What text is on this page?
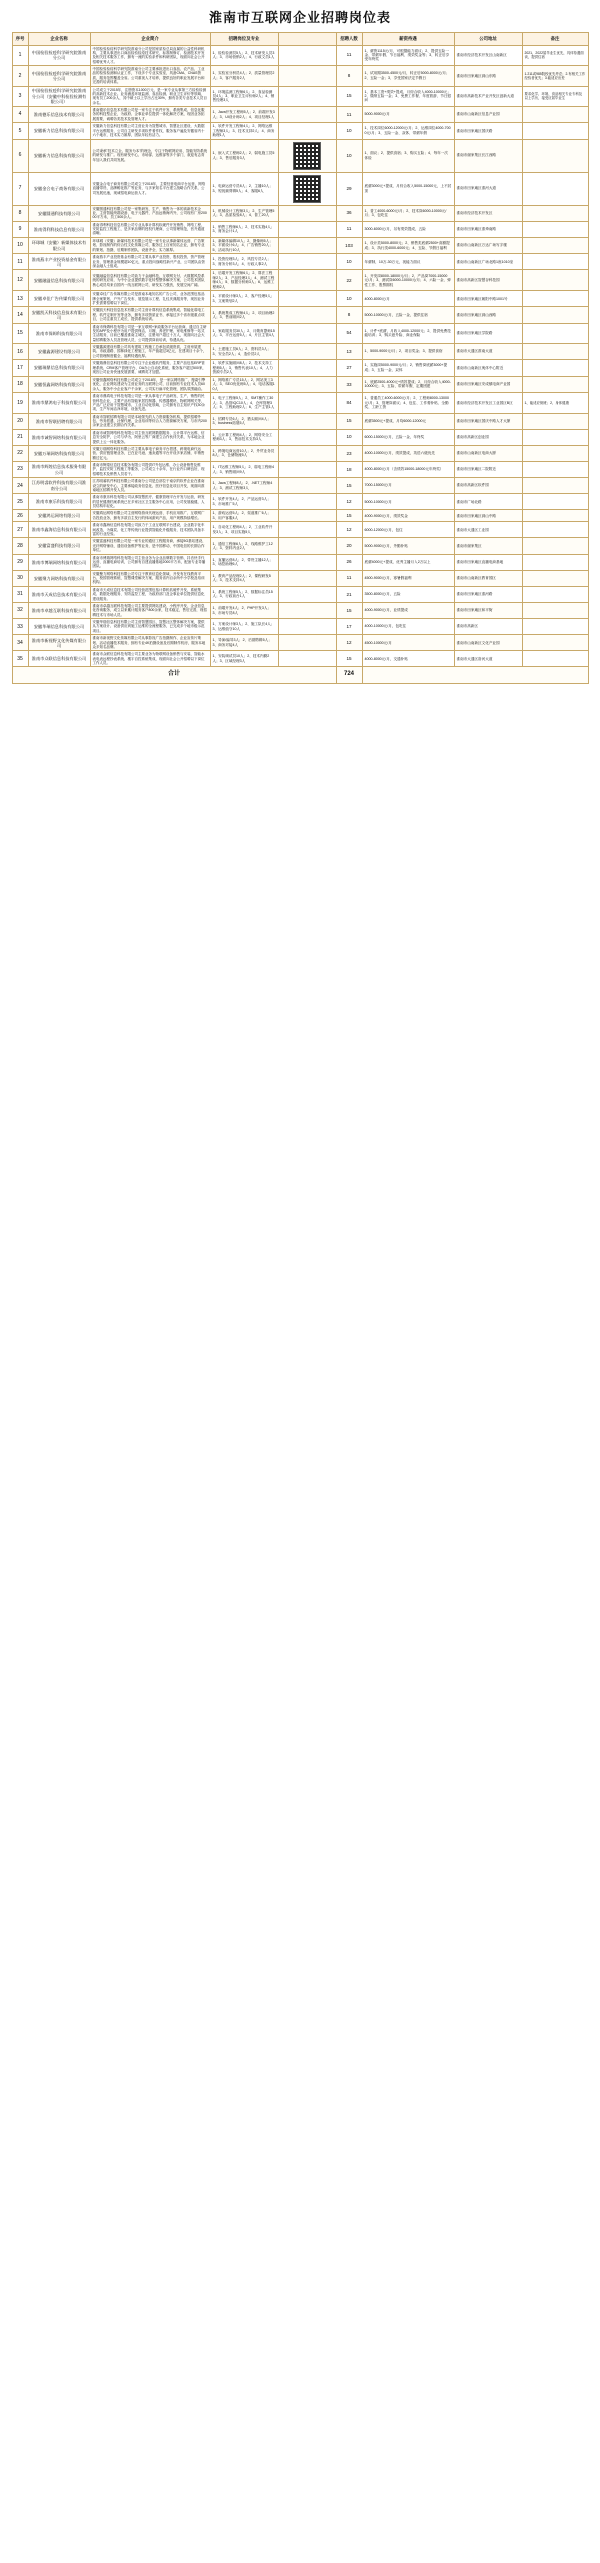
淮南市互联网企业招聘岗位表
序号	企业名称	企业简介	招聘岗位及专业		招聘人数	薪资待遇	公司地址	备注
1	中国检验检疫科学研究院淮南分公司	中国检验检疫科学研究院淮南分公司是国家质检总局直属的公益性科研机构，主要从事进出口商品检验检疫技术研究、标准制修订、检测技术开发及相关技术服务工作，拥有一流的实验条件和科研团队，现面向社会公开招聘优秀人才。	1、检验检测员5人；2、技术研发人员3人；3、市场营销2人；4、行政文员1人		11	1、薪资1115元/月，可根据能力面议；2、提供五险一金、带薪年假、节日福利、绩效奖金等；3、转正后享受年终奖	淮南市经济技术开发区山南新区	2021、2022届毕业生优先，具体待遇面谈，提供住宿
2	中国检验检疫科学研究院淮南分公司	中国检验检疫科学研究院淮南分公司主要承担进出口食品、农产品、工业品的检验检测和认证工作，下设多个专业实验室，具备CMA、CNAS资质，服务范围覆盖全省。公司重视人才培养，提供良好的职业发展平台和完善的培训体系。	1、实验室分析员4人；2、质量管理员2人；3、客户服务2人		8	1、试用期3500-4500元/月，转正后5000-8000元/月；2、五险一金；3、享受国家法定节假日	淮南市田家庵区洞山东路	1.211或985院校优先考虑；2.有相关工作经验者优先；3.能适应出差
3	中国检验检疫科学研究院淮南分公司（安徽中科检验检测有限公司）	公司成立于2015年，注册资本1000万元，是一家专业从事第三方检验检测的高新技术企业。业务涵盖环境监测、食品检测、职业卫生评价等领域，现有员工200余人，其中硕士以上学历占比30%，拥有各类专业技术人员百余名。	1、环境监测工程师6人；2、食品检测员4人；3、职业卫生评价师2人；4、销售经理3人		15	1、基本工资+绩效+提成，月综合收入4000-10000元；2、缴纳五险一金；3、免费工作餐、年度旅游、节日慰问	淮南市高新技术产业开发区创新大道	要求化学、环境、食品相关专业专科及以上学历，接受应届毕业生
4	淮南德乐信息技术有限公司	淮南德乐信息技术有限公司是一家专注于软件开发、系统集成、信息化服务的科技型企业，为政府、企事业单位提供一体化解决方案，现因业务拓展需要，诚聘各类技术及管理人才。	1、Java开发工程师5人；2、前端开发3人；3、UI设计师2人；4、项目经理1人		11	5000-9000元/月	淮南市山南新区信息产业园	
5	安徽新力信息科技有限公司	安徽新力信息科技有限公司主营业务为智慧城市、智慧社区建设，大数据平台运维服务，公司自主研发多项软件著作权，服务客户遍及安徽省内十六个地市，技术实力雄厚，团队年轻有活力。	1、软件开发工程师4人；2、网络运维工程师3人；3、技术支持2人；4、商务助理1人		10	1、技术岗位6000-12000元/月；2、运维岗位4000-7000元/月；3、五险一金、双休、带薪年假	淮南市田家庵区国庆路	
6	安徽新力信息科技有限公司	公司秉承"技术立企、服务为本"的理念，专注于物联网应用、智能安防系统的研发与推广。现有研发中心、市场部、运维部等多个部门，欢迎有志青年加入我们共同发展。	1、嵌入式工程师2人；2、弱电施工员5人；3、售后服务3人		10	1、面议；2、提供食宿；3、购买五险；4、每年一次体检	淮南市谢家集区长江西路	
7	安徽金合电子商务有限公司	安徽金合电子商务有限公司成立于2016年，主要经营电商平台运营、网络直播带货、品牌孵化推广等业务，与多家知名平台建立战略合作关系，公司发展迅速，现诚招电商运营人才。	1、电商运营专员8人；2、主播10人；3、短视频剪辑5人；4、客服6人		29	底薪3000元+提成，月综合收入5000-15000元，上不封顶	淮南市田家庵区淮河大道	
8	安徽圆通科技有限公司	安徽圆通科技有限公司是一家集研发、生产、销售为一体的高新技术企业，主营智能终端设备、电子元器件，产品远销海内外，公司现有厂房20000平方米，员工500余人。	1、机械设计工程师3人；2、生产管理5人；3、品质检验8人；4、普工20人		36	1、普工4000-6000元/月；2、技术岗6000-10000元/月；3、包吃住	淮南市经济技术开发区	
9	淮南得利科技信息有限公司	淮南得利科技信息有限公司专业从事计算机软硬件开发销售、网络工程、安防监控工程施工，是多家品牌的授权代理商，公司管理规范，晋升通道清晰。	1、销售工程师6人；2、技术实施4人；3、财务会计1人		11	3000-6000元/月，另有绩效提成，五险	淮南市田家庵区淮舜南路	
10	环球城（安徽）新媒体技术有限公司	环球城（安徽）新媒体技术有限公司是一家专业从事新媒体运营、广告策划、影视制作的综合性文化传媒公司，服务过上百家知名企业，拥有专业的策划、拍摄、后期制作团队，设备齐全，实力雄厚。	1、新媒体编辑10人；2、摄像师5人；3、平面设计6人；4、广告销售20人；5、活动执行10人		103	1、设计类5000-8000元；2、销售类底薪2500+高额提成；3、执行类4000-6000元；4、五险、节假日福利	淮南市山南新区万达广场写字楼	
11	淮南燕丰产业投资基金有限公司	淮南燕丰产业投资基金有限公司主要从事产业投资、股权投资、资产管理业务，管理基金规模超10亿元，重点投向战略性新兴产业，公司团队由资深金融人士组成。	1、投资经理3人；2、风控专员2人；3、财务分析3人；4、行政人事2人		10	年薪制，10万-30万元，视能力面议	淮南市山南新区广场北路1座1010室	
12	安徽融溢信息科技有限公司	安徽融溢信息科技有限公司致力于金融科技、互联网支付、大数据风控系统的研发应用，为中小企业提供数字化转型整体解决方案，公司技术团队核心成员均来自国内一线互联网公司，研发实力强劲，发展空间广阔。	1、后端开发工程师6人；2、算法工程师2人；3、产品经理3人；4、测试工程师4人；5、数据分析师3人；6、运维工程师2人		22	1、开发岗8000-18000元/月；2、产品岗7000-15000元/月；3、测试岗6000-10000元/月；4、六险一金、弹性工作、股票期权	淮南市高新区智慧谷科技园	
13	安徽卓佳广告传媒有限公司	安徽卓佳广告传媒有限公司是淮南本地知名的广告公司，业务范围包括品牌全案策划、户外广告发布、展览展示工程、礼仪庆典服务等，现因业务扩张需要招聘以下岗位。	1、平面设计师3人；2、客户经理5人；3、文案策划2人		10	4000-8000元/月	淮南市田家庵区朝阳中路1001号	
14	安徽凯天科技信息技术有限公司	安徽凯天科技信息技术有限公司主营计算机信息系统集成、智能化弱电工程、软件定制开发等业务，拥有多项资质证书，承接过多个省市级重点项目，公司注重员工成长，提供系统培训。	1、系统集成工程师4人；2、项目助理2人；3、售前顾问2人		8	5000-10000元/月，五险一金，提供住宿	淮南市田家庵区洞山西路	
15	淮南市保姆科技有限公司	淮南市保姆科技有限公司是一家互联网+家政服务平台运营商，通过自主研发的APP及小程序为用户提供保洁、月嫂、养老护理、家电维修等一站式生活服务，目前已覆盖淮南主城区，注册用户超过十万人，现面向社会大量招聘服务人员及管理人员，公司提供岗前培训，待遇从优。	1、家政服务员30人；2、月嫂育婴师15人；3、平台运营5人；4、片区主管4人		54	1、计件+底薪，月收入4000-12000元；2、提供免费技能培训；3、购买意外险、商业保险	淮南市田家庵区学院路	
16	安徽鑫源建设有限公司	安徽鑫源建设有限公司具有建筑工程施工总承包贰级资质，主营房屋建筑、市政道路、园林绿化工程施工，年产值超过3亿元，在建项目十余个，公司管理制度健全，福利待遇优厚。	1、土建施工员6人；2、资料员3人；3、安全员2人；4、造价员2人		13	1、5000-9000元/月；2、项目奖金；3、提供食宿	淮南市大通区淮南大道	
17	安徽瑞鼎信息科技有限公司	安徽瑞鼎信息科技有限公司专注于企业级软件服务，主要产品包括ERP管理系统、CRM客户管理平台、OA办公自动化系统，服务客户超过500家，现因公司业务快速发展需要，诚聘英才加盟。	1、软件实施顾问8人；2、技术支持工程师5人；3、销售代表10人；4、人力资源专员2人		27	1、实施岗5000-9000元/月；2、销售岗底薪3000+提成；3、五险一金、双休	淮南市山南新区奥体中心附近	
18	安徽恒鑫网络科技有限公司	安徽恒鑫网络科技有限公司成立于2018年，是一家以网络推广、搜索引擎优化、企业网站建设为主营业务的互联网公司，目前拥有专业技术人员60余人，服务中小企业客户千余家，公司实行扁平化管理，团队氛围融洽。	1、网络推广专员15人；2、网站美工3人；3、SEO优化师5人；4、电话客服10人		33	1、底薪2500-4000元+绩效提成；2、月综合收入4000-10000元；3、五险、带薪年假、定期团建	淮南市田家庵区安成镇电商产业园	
19	淮南市鼎鸿电子科技有限公司	淮南市鼎鸿电子科技有限公司是一家从事电子产品研发、生产、销售的民营科技企业，主要产品有智能家居控制器、传感器模块、物联网网关等，产品广泛应用于智慧城市、工业自动化领域，公司拥有自主知识产权30余项，生产车间洁净环境，设备先进。	1、电子工程师5人；2、SMT操作工30人；3、品管IQC10人；4、仓库管理3人；5、工程助理2人；6、生产主管1人		84	1、普通员工4000-6000元/月；2、工程师8000-13000元/月；3、管理岗面议；4、包住、工作餐补贴、全勤奖、工龄工资	淮南市经济技术开发区工业园区B区	1、能适应倒班；2、身体健康
20	淮南市智联招聘有限公司	淮南市智联招聘有限公司是本地领先的人力资源服务机构，提供招聘外包、劳务派遣、社保代理、企业培训等综合人力资源解决方案，与市内200余家企业建立长期合作关系。	1、招聘专员6人；2、猎头顾问4人；3、business拓展5人		15	底薪3500元+提成，月均6000-12000元	淮南市田家庵区国庆中路人才大厦	
21	淮南市诚智网络科技有限公司	淮南市诚智网络科技有限公司主营互联网数据服务、云计算平台运维、信息安全防护，公司与华为、阿里云等厂商建立合作伙伴关系，为本地企业提供上云一体化服务。	1、云计算工程师4人；2、网络安全工程师3人；3、售前技术支持3人		10	6000-15000元/月，五险一金，年终奖	淮南市高新区创业园	
22	安徽万瑞网络科技有限公司	安徽万瑞网络科技有限公司主要从事电子商务平台搭建、跨境电商代运营、供应链管理业务，已在亚马逊、速卖通等平台开设多家店铺，年销售额过亿元。	1、跨境电商运营10人；2、外贸业务员8人；3、仓储物流5人		23	4000-10000元/月，绩效提成，英语六级优先	淮南市山南新区电商大厦	
23	淮南市辉煌信息技术服务有限公司	淮南市辉煌信息技术服务有限公司提供IT外包运维、办公设备销售及维护、监控安防工程施工等服务，公司成立十余年，在行业内口碑良好，现招聘技术及销售人员若干。	1、IT运维工程师5人；2、弱电工程师4人；3、销售顾问9人		18	4000-8000元/月（含绩效15000-18000元年终奖）	淮南市田家庵区二院附近	
24	江苏明睿软件科技有限公司淮南分公司	江苏明睿软件科技有限公司淮南分公司是总部位于南京的软件企业在淮南设立的研发中心，主要承接政务信息化、医疗信息化项目开发，现面向淮南地区招聘开发人员。	1、Java工程师8人；2、.NET工程师4人；3、测试工程师3人		15	7000-15000元/月	淮南市高新区软件园	
25	淮南市康乐科技有限公司	淮南市康乐科技有限公司从事智慧医疗、健康管理平台开发与运营，研发的居民健康档案系统已在多家社区卫生服务中心应用，公司发展稳健，人员结构年轻化。	1、软件开发4人；2、产品运营3人；3、市场推广5人		12	5000-10000元/月	淮南市广场北路	
26	安徽鸿运网络有限公司	安徽鸿运网络有限公司主营网络游戏代理运营、手机应用推广、互联网广告投放业务，拥有多款自主发行的休闲游戏产品，用户规模持续增长。	1、游戏运营5人；2、渠道推广6人；3、用户客服4人		15	4000-9000元/月，绩效奖金	淮南市田家庵区洞山中路	
27	淮南市鑫海信息科技有限公司	淮南市鑫海信息科技有限公司致力于工业互联网平台建设、企业数字化车间改造，为煤炭、化工等传统行业提供智能化升级服务，技术团队具备丰富的行业经验。	1、自动化工程师4人；2、工业软件开发3人；3、项目实施5人		12	6000-12000元/月，包住	淮南市大通区工业园	
28	安徽富盛科技有限公司	安徽富盛科技有限公司是一家专业的通信工程服务商，承接5G基站建设、光纤网络铺设、通信设备维护等业务，是中国移动、中国电信的长期合作单位。	1、通信工程师6人；2、线路维护工12人；3、资料内业2人		20	5000-9000元/月，外勤补贴	淮南市谢家集区	
29	淮南市博瑞网络科技有限公司	淮南市博瑞网络科技有限公司主营业务为企业品牌数字营销、抖音快手代运营、直播电商培训，公司拥有自建直播基地2000平方米，配备专业导播团队。	1、直播运营8人；2、带货主播12人；3、场控助理6人		26	底薪4000元+提成，优秀主播月入2万以上	淮南市田家庵区直播电商基地	
30	安徽聚力网络科技有限公司	安徽聚力网络科技有限公司专注于教育信息化领域，开发有在线教育平台、校园管理系统、智慧课堂解决方案，服务省内百余所中小学校及培训机构。	1、教育产品经理2人；2、课程研发5人；3、技术支持4人		11	4500-9000元/月，寒暑假福利	淮南市山南新区教育园区	
31	淮南市天成信息技术有限公司	淮南市天成信息技术有限公司经营范围包括计算机软硬件开发、系统集成、数据处理服务、安防监控工程，为政府部门及企事业单位提供信息化建设服务。	1、系统工程师5人；2、数据标注员15人；3、行政前台1人		21	3500-8000元/月，五险	淮南市田家庵区淮河路	
32	淮南市卓越互联科技有限公司	淮南市卓越互联科技有限公司主要提供网站建设、小程序开发、企业信息化咨询服务，成立以来累计服务客户800余家，技术稳定，售后完善，现招聘技术与市场人员。	1、前端开发4人；2、PHP开发3人；3、市场专员8人		15	4000-9000元/月，业绩提成	淮南市田家庵区和平街	
33	安徽华瑞信息科技有限公司	安徽华瑞信息科技有限公司主营智慧园区、智慧社区整体解决方案，提供从方案设计、设备供应到施工运维的全流程服务，已完成多个地市级示范项目。	1、方案设计师3人；2、施工队长4人；3、运维值守10人		17	4000-10000元/月，包吃住	淮南市高新区	
34	淮南市新视野文化传媒有限公司	淮南市新视野文化传媒有限公司从事影视广告拍摄制作、企业宣传片策划、活动直播技术服务，拥有专业4K拍摄设备及后期制作机房，服务本地众多知名品牌。	1、导演/编导3人；2、后期剪辑5人；3、商务对接4人		12	4500-10000元/月	淮南市山南新区文化产业园	
35	淮南市众联信息科技有限公司	淮南市众联信息科技有限公司主要业务为物联网设备销售与安装、智能水表电表远程抄表系统、楼宇自控系统集成，现面向社会公开招聘以下岗位工作人员。	1、安装调试员10人；2、技术内勤2人；3、区域经理3人		15	4000-8000元/月，交通补贴	淮南市大通区洛河大道	
合计					724			
